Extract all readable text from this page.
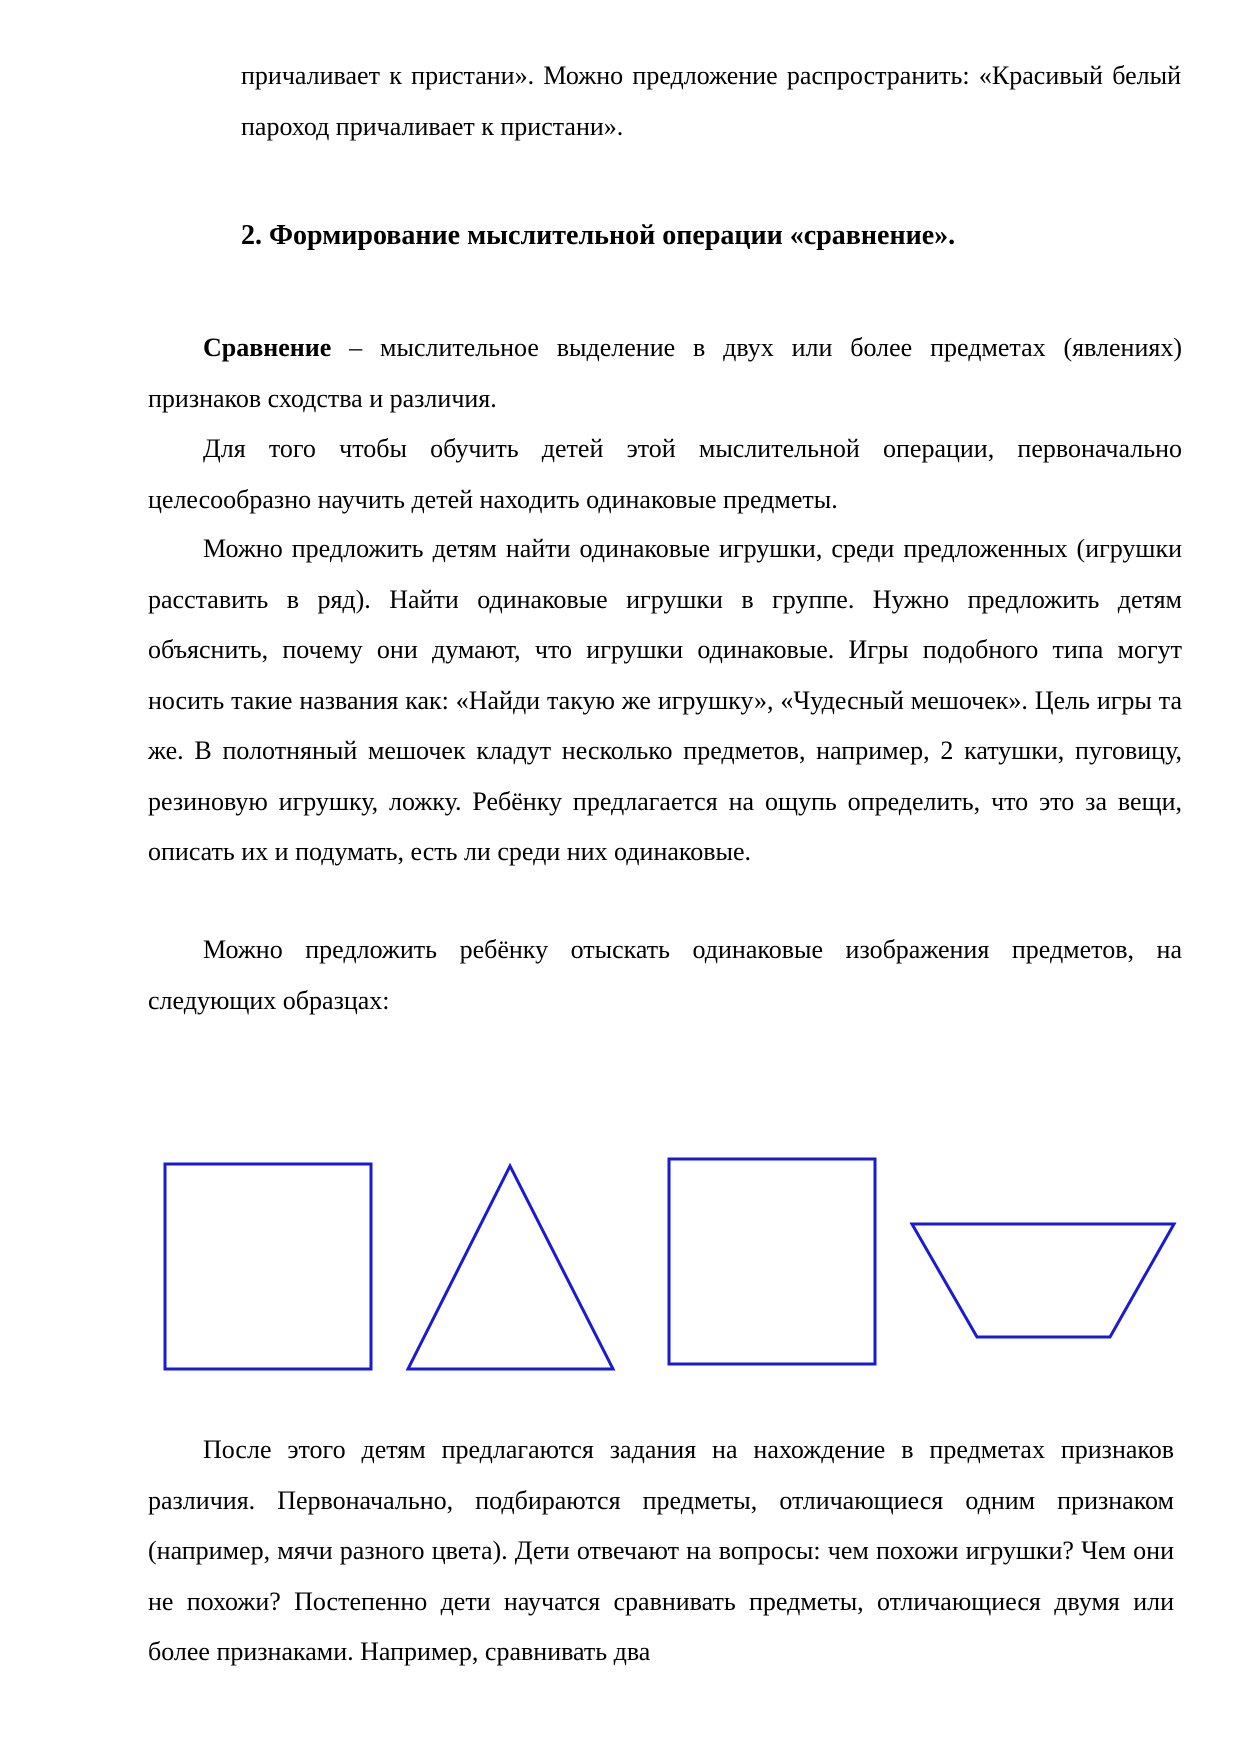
причаливает к пристани». Можно предложение распространить: «Красивый белый пароход причаливает к пристани».

2. Формирование мыслительной операции «сравнение».

Сравнение – мыслительное выделение в двух или более предметах (явлениях) признаков сходства и различия.

Для того чтобы обучить детей этой мыслительной операции, первоначально целесообразно научить детей находить одинаковые предметы.

Можно предложить детям найти одинаковые игрушки, среди предложенных (игрушки расставить в ряд). Найти одинаковые игрушки в группе. Нужно предложить детям объяснить, почему они думают, что игрушки одинаковые. Игры подобного типа могут носить такие названия как: «Найди такую же игрушку», «Чудесный мешочек». Цель игры та же. В полотняный мешочек кладут несколько предметов, например, 2 катушки, пуговицу, резиновую игрушку, ложку. Ребёнку предлагается на ощупь определить, что это за вещи, описать их и подумать, есть ли среди них одинаковые.

Можно предложить ребёнку отыскать одинаковые изображения предметов, на следующих образцах:

После этого детям предлагаются задания на нахождение в предметах признаков различия. Первоначально, подбираются предметы, отличающиеся одним признаком (например, мячи разного цвета). Дети отвечают на вопросы: чем похожи игрушки? Чем они не похожи? Постепенно дети научатся сравнивать предметы, отличающиеся двумя или более признаками. Например, сравнивать два
